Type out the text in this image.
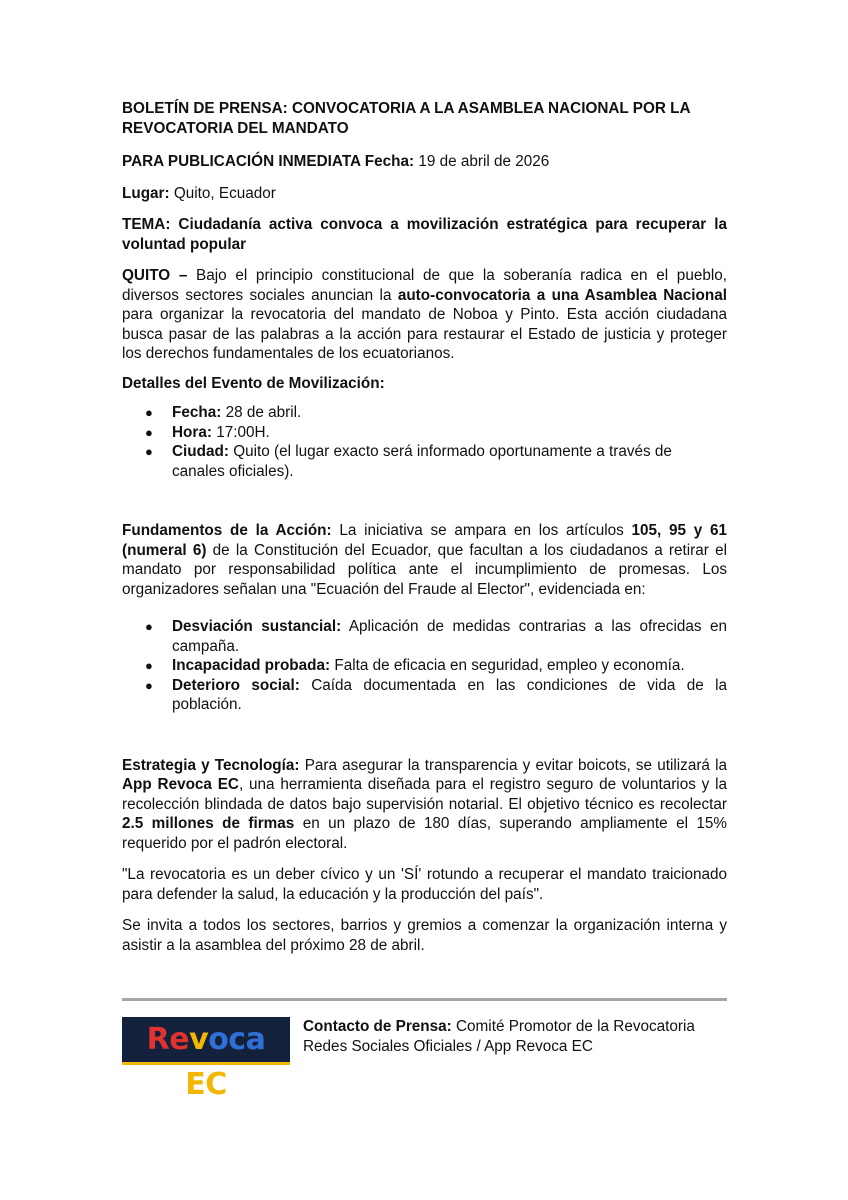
BOLETÍN DE PRENSA: CONVOCATORIA A LA ASAMBLEA NACIONAL POR LA REVOCATORIA DEL MANDATO

PARA PUBLICACIÓN INMEDIATA Fecha: 19 de abril de 2026

Lugar: Quito, Ecuador

TEMA: Ciudadanía activa convoca a movilización estratégica para recuperar la voluntad popular

QUITO – Bajo el principio constitucional de que la soberanía radica en el pueblo, diversos sectores sociales anuncian la auto-convocatoria a una Asamblea Nacional para organizar la revocatoria del mandato de Noboa y Pinto. Esta acción ciudadana busca pasar de las palabras a la acción para restaurar el Estado de justicia y proteger los derechos fundamentales de los ecuatorianos.

Detalles del Evento de Movilización:

● Fecha: 28 de abril.
● Hora: 17:00H.
● Ciudad: Quito (el lugar exacto será informado oportunamente a través de canales oficiales).

Fundamentos de la Acción: La iniciativa se ampara en los artículos 105, 95 y 61 (numeral 6) de la Constitución del Ecuador, que facultan a los ciudadanos a retirar el mandato por responsabilidad política ante el incumplimiento de promesas. Los organizadores señalan una "Ecuación del Fraude al Elector", evidenciada en:

● Desviación sustancial: Aplicación de medidas contrarias a las ofrecidas en campaña.
● Incapacidad probada: Falta de eficacia en seguridad, empleo y economía.
● Deterioro social: Caída documentada en las condiciones de vida de la población.

Estrategia y Tecnología: Para asegurar la transparencia y evitar boicots, se utilizará la App Revoca EC, una herramienta diseñada para el registro seguro de voluntarios y la recolección blindada de datos bajo supervisión notarial. El objetivo técnico es recolectar 2.5 millones de firmas en un plazo de 180 días, superando ampliamente el 15% requerido por el padrón electoral.

"La revocatoria es un deber cívico y un 'SÍ' rotundo a recuperar el mandato traicionado para defender la salud, la educación y la producción del país".

Se invita a todos los sectores, barrios y gremios a comenzar la organización interna y asistir a la asamblea del próximo 28 de abril.

Revoca EC

Contacto de Prensa: Comité Promotor de la Revocatoria

Redes Sociales Oficiales / App Revoca EC
